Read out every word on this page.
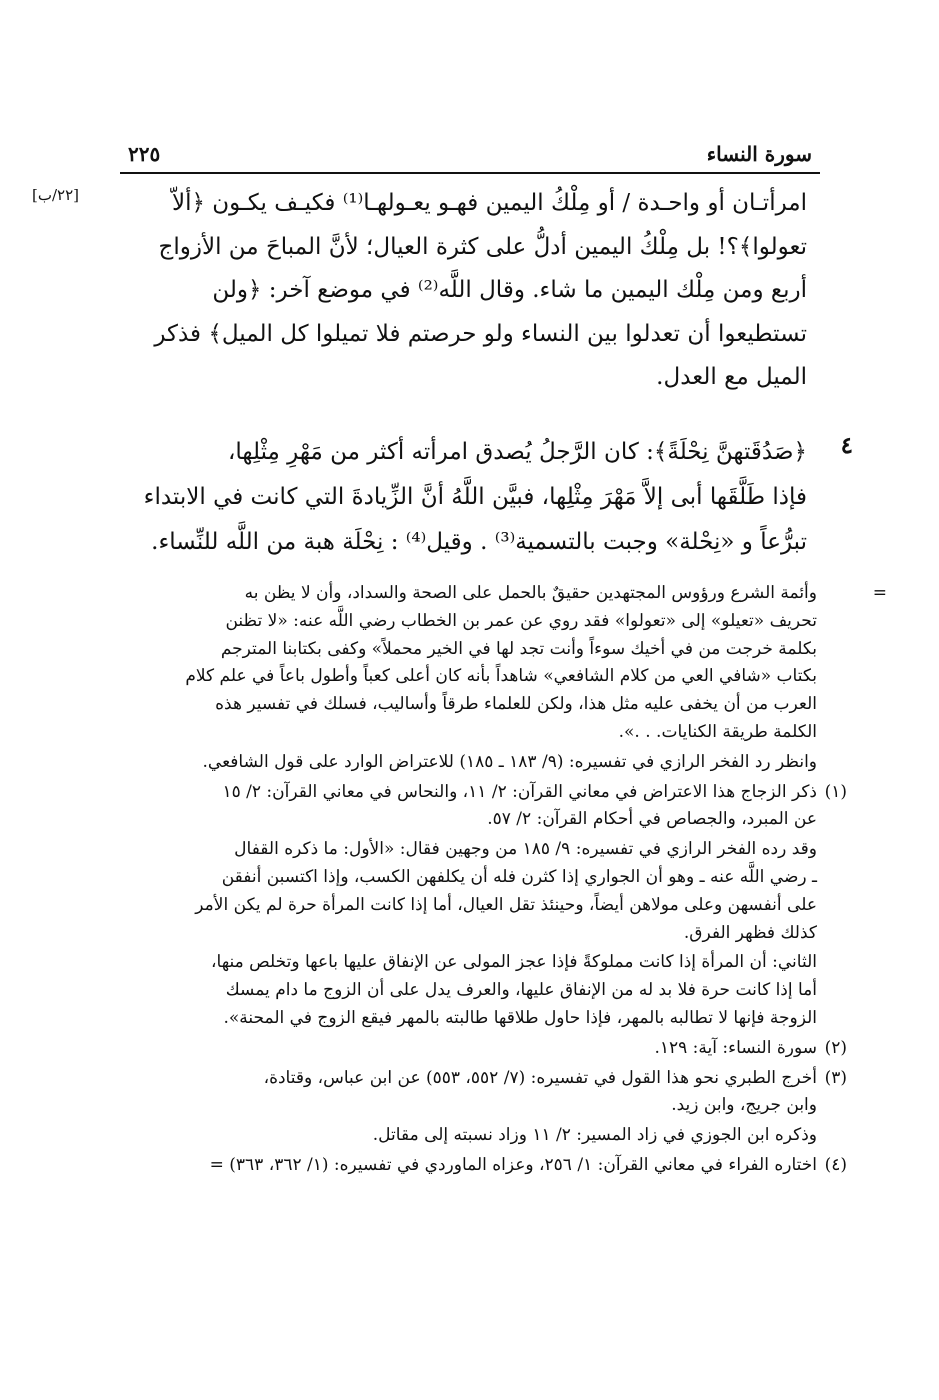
سورة النساء
٢٢٥
[٢٢/ب]	امرأتـان أو واحـدة / أو مِلْكُ اليمين فهـو يعـولهـا⁽¹⁾ فكيـف يكـون ﴿ألاّ

تعولوا﴾؟! بل مِلْكُ اليمين أدلُّ على كثرة العيال؛ لأنَّ المباحَ من الأزواج

أربع ومن مِلْك اليمين ما شاء. وقال اللَّه⁽²⁾ في موضع آخر: ﴿ولن

تستطيعوا أن تعدلوا بين النساء ولو حرصتم فلا تميلوا كل الميل﴾ فذكر

الميل مع العدل.

٤

﴿صَدُقَتهنَّ نِحْلَةً﴾: كان الرَّجلُ يُصدق امرأته أكثر من مَهْرِ مِثْلِها،

فإذا طَلَّقَها أبى إلاَّ مَهْرَ مِثْلِها، فبيَّن اللَّهُ أنَّ الزِّيادةَ التي كانت في الابتداء

تبرُّعاً و «نِحْلة» وجبت بالتسمية⁽³⁾ . وقيل⁽⁴⁾ : نِحْلَة هبة من اللَّه للنِّساء.

=
وأئمة الشرع ورؤوس المجتهدين حقيقٌ بالحمل على الصحة والسداد، وأن لا يظن به
تحريف «تعيلو» إلى «تعولوا» فقد روي عن عمر بن الخطاب رضي اللَّه عنه: «لا تظنن
بكلمة خرجت من في أخيك سوءاً وأنت تجد لها في الخير محملاً» وكفى بكتابنا المترجم
بكتاب «شافي العي من كلام الشافعي» شاهداً بأنه كان أعلى كعباً وأطول باعاً في علم كلام
العرب من أن يخفى عليه مثل هذا، ولكن للعلماء طرقاً وأساليب، فسلك في تفسير هذه
الكلمة طريقة الكنايات. . .».
وانظر رد الفخر الرازي في تفسيره: (٩/ ١٨٣ ـ ١٨٥) للاعتراض الوارد على قول الشافعي.
(١)
ذكر الزجاج هذا الاعتراض في معاني القرآن: ٢/ ١١، والنحاس في معاني القرآن: ٢/ ١٥
عن المبرد، والجصاص في أحكام القرآن: ٢/ ٥٧.
وقد رده الفخر الرازي في تفسيره: ٩/ ١٨٥ من وجهين فقال: «الأول: ما ذكره القفال
ـ رضي اللَّه عنه ـ وهو أن الجواري إذا كثرن فله أن يكلفهن الكسب، وإذا اكتسبن أنفقن
على أنفسهن وعلى مولاهن أيضاً، وحينئذ تقل العيال، أما إذا كانت المرأة حرة لم يكن الأمر
كذلك فظهر الفرق.
الثاني: أن المرأة إذا كانت مملوكةً فإذا عجز المولى عن الإنفاق عليها باعها وتخلص منها،
أما إذا كانت حرة فلا بد له من الإنفاق عليها، والعرف يدل على أن الزوج ما دام يمسك
الزوجة فإنها لا تطالبه بالمهر، فإذا حاول طلاقها طالبته بالمهر فيقع الزوج في المحنة».
(٢)
سورة النساء: آية: ١٢٩.
(٣)
أخرج الطبري نحو هذا القول في تفسيره: (٧/ ٥٥٢، ٥٥٣) عن ابن عباس، وقتادة،
وابن جريج، وابن زيد.
وذكره ابن الجوزي في زاد المسير: ٢/ ١١ وزاد نسبته إلى مقاتل.
(٤)
اختاره الفراء في معاني القرآن: ١/ ٢٥٦، وعزاه الماوردي في تفسيره: (١/ ٣٦٢، ٣٦٣) =
